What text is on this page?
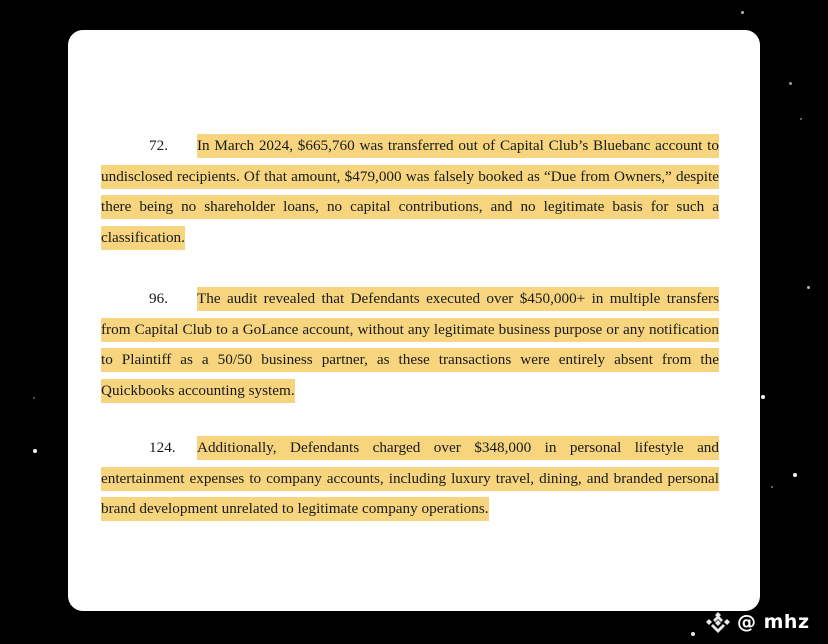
72. In March 2024, $665,760 was transferred out of Capital Club’s Bluebanc account to undisclosed recipients. Of that amount, $479,000 was falsely booked as “Due from Owners,” despite there being no shareholder loans, no capital contributions, and no legitimate basis for such a classification.

96. The audit revealed that Defendants executed over $450,000+ in multiple transfers from Capital Club to a GoLance account, without any legitimate business purpose or any notification to Plaintiff as a 50/50 business partner, as these transactions were entirely absent from the Quickbooks accounting system.

124. Additionally, Defendants charged over $348,000 in personal lifestyle and entertainment expenses to company accounts, including luxury travel, dining, and branded personal brand development unrelated to legitimate company operations.

@ mhz
